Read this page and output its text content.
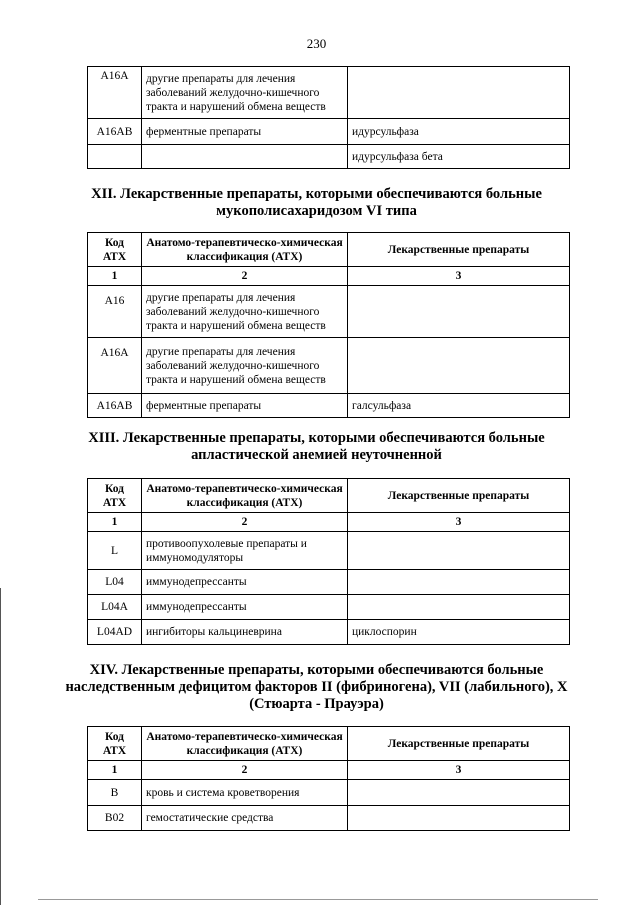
230
A16A	другие препараты для лечения заболеваний желудочно-кишечного тракта и нарушений обмена веществ	
A16AB	ферментные препараты	идурсульфаза
		идурсульфаза бета
XII. Лекарственные препараты, которыми обеспечиваются больные мукополисахаридозом VI типа
Код АТХ	Анатомо-терапевтическо-химическая классификация (АТХ)	Лекарственные препараты
1	2	3
A16	другие препараты для лечения заболеваний желудочно-кишечного тракта и нарушений обмена веществ	
A16A	другие препараты для лечения заболеваний желудочно-кишечного тракта и нарушений обмена веществ	
A16AB	ферментные препараты	галсульфаза
XIII. Лекарственные препараты, которыми обеспечиваются больные апластической анемией неуточненной
Код АТХ	Анатомо-терапевтическо-химическая классификация (АТХ)	Лекарственные препараты
1	2	3
L	противоопухолевые препараты и иммуномодуляторы	
L04	иммунодепрессанты	
L04A	иммунодепрессанты	
L04AD	ингибиторы кальциневрина	циклоспорин
XIV. Лекарственные препараты, которыми обеспечиваются больные наследственным дефицитом факторов II (фибриногена), VII (лабильного), X (Стюарта - Прауэра)
Код АТХ	Анатомо-терапевтическо-химическая классификация (АТХ)	Лекарственные препараты
1	2	3
B	кровь и система кроветворения	
B02	гемостатические средства	
